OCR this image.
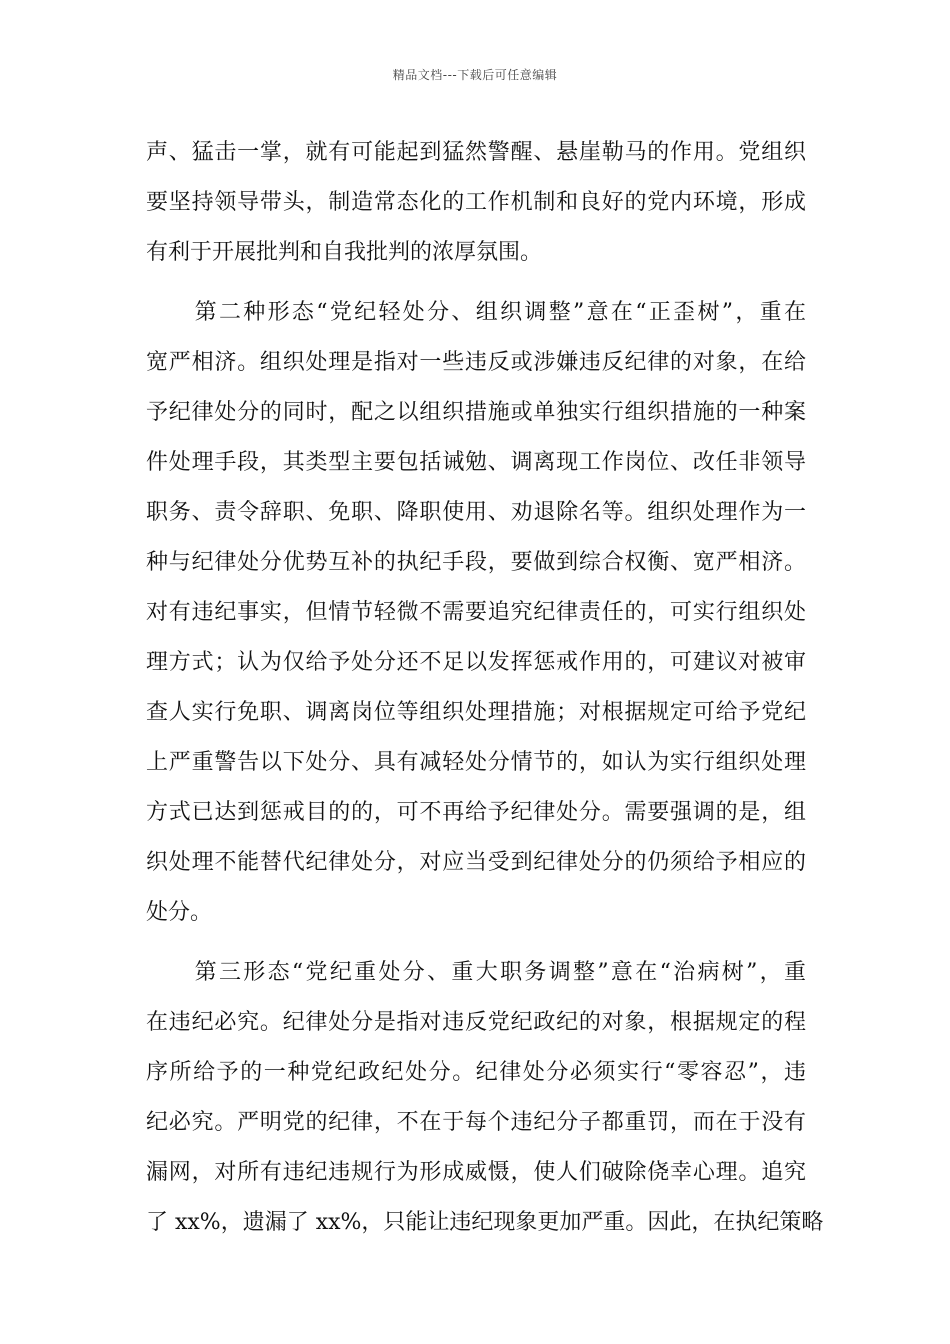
精品文档---下载后可任意编辑
声、猛击一掌，就有可能起到猛然警醒、悬崖勒马的作用。党组织
要坚持领导带头，制造常态化的工作机制和良好的党内环境，形成
有利于开展批判和自我批判的浓厚氛围。
　　第二种形态“党纪轻处分、组织调整”意在“正歪树”，重在
宽严相济。组织处理是指对一些违反或涉嫌违反纪律的对象，在给
予纪律处分的同时，配之以组织措施或单独实行组织措施的一种案
件处理手段，其类型主要包括诫勉、调离现工作岗位、改任非领导
职务、责令辞职、免职、降职使用、劝退除名等。组织处理作为一
种与纪律处分优势互补的执纪手段，要做到综合权衡、宽严相济。
对有违纪事实，但情节轻微不需要追究纪律责任的，可实行组织处
理方式；认为仅给予处分还不足以发挥惩戒作用的，可建议对被审
查人实行免职、调离岗位等组织处理措施；对根据规定可给予党纪
上严重警告以下处分、具有减轻处分情节的，如认为实行组织处理
方式已达到惩戒目的的，可不再给予纪律处分。需要强调的是，组
织处理不能替代纪律处分，对应当受到纪律处分的仍须给予相应的
处分。
　　第三形态“党纪重处分、重大职务调整”意在“治病树”，重
在违纪必究。纪律处分是指对违反党纪政纪的对象，根据规定的程
序所给予的一种党纪政纪处分。纪律处分必须实行“零容忍”，违
纪必究。严明党的纪律，不在于每个违纪分子都重罚，而在于没有
漏网，对所有违纪违规行为形成威慑，使人们破除侥幸心理。追究
了 xx%，遗漏了 xx%，只能让违纪现象更加严重。因此，在执纪策略
